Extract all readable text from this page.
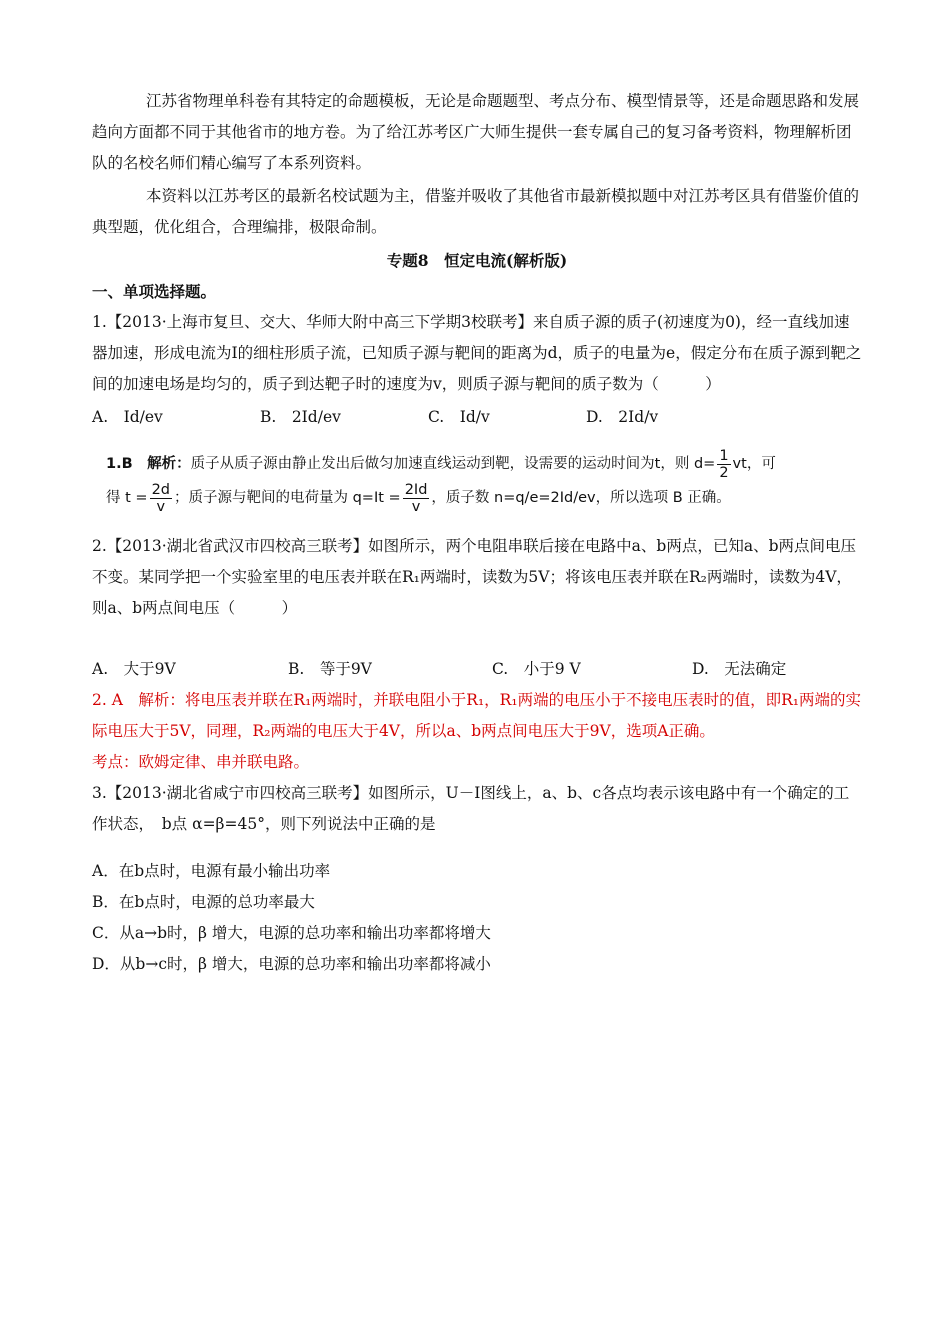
江苏省物理单科卷有其特定的命题模板，无论是命题题型、考点分布、模型情景等，还是命题思路和发展趋向方面都不同于其他省市的地方卷。为了给江苏考区广大师生提供一套专属自己的复习备考资料，物理解析团队的名校名师们精心编写了本系列资料。

本资料以江苏考区的最新名校试题为主，借鉴并吸收了其他省市最新模拟题中对江苏考区具有借鉴价值的典型题，优化组合，合理编排，极限命制。

专题8　恒定电流(解析版)

一、单项选择题。

1.【2013·上海市复旦、交大、华师大附中高三下学期3校联考】来自质子源的质子(初速度为0)，经一直线加速器加速，形成电流为I的细柱形质子流，已知质子源与靶间的距离为d，质子的电量为e，假定分布在质子源到靶之间的加速电场是均匀的，质子到达靶子时的速度为v，则质子源与靶间的质子数为（　　　）

A.　Id/ev	B.　2Id/ev	C.　Id/v	D.　2Id/v
1.B　解析：质子从质子源由静止发出后做匀加速直线运动到靶，设需要的运动时间为t，则 $d= \frac{1}{2}$ vt，可
得 $t = \frac{2d}{v}$ ；质子源与靶间的电荷量为 $q=It = \frac{2Id}{v}$ ，质子数 n=q/e=2Id/ev，所以选项 B 正确。

2.【2013·湖北省武汉市四校高三联考】如图所示，两个电阻串联后接在电路中a、b两点，已知a、b两点间电压不变。某同学把一个实验室里的电压表并联在R₁两端时，读数为5V；将该电压表并联在R₂两端时，读数为4V，则a、b两点间电压（　　　）

A.　大于9V	B.　等于9V	C.　小于9 V	D.　无法确定

2. A　解析：将电压表并联在R₁两端时，并联电阻小于R₁，R₁两端的电压小于不接电压表时的值，即R₁两端的实际电压大于5V，同理，R₂两端的电压大于4V，所以a、b两点间电压大于9V，选项A正确。

考点：欧姆定律、串并联电路。

3.【2013·湖北省咸宁市四校高三联考】如图所示，U－I图线上，a、b、c各点均表示该电路中有一个确定的工作状态，　b点 α=β=45°，则下列说法中正确的是

A．在b点时，电源有最小输出功率

B．在b点时，电源的总功率最大

C．从a→b时，β 增大，电源的总功率和输出功率都将增大

D．从b→c时，β 增大，电源的总功率和输出功率都将减小
